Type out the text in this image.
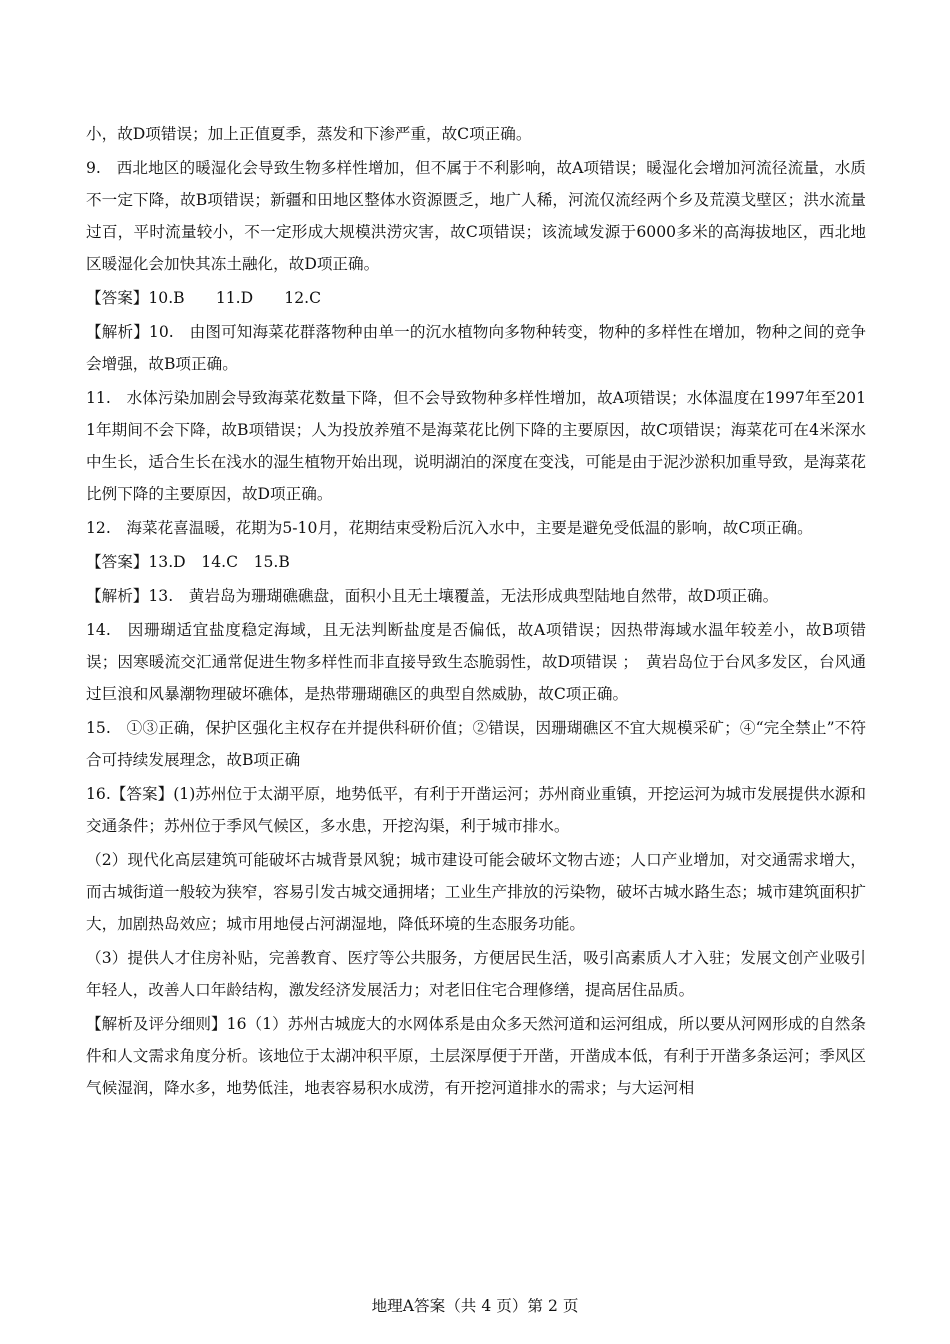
小，故D项错误；加上正值夏季，蒸发和下渗严重，故C项正确。

9.　西北地区的暖湿化会导致生物多样性增加，但不属于不利影响，故A项错误；暖湿化会增加河流径流量，水质不一定下降，故B项错误；新疆和田地区整体水资源匮乏，地广人稀，河流仅流经两个乡及荒漠戈壁区；洪水流量过百，平时流量较小，不一定形成大规模洪涝灾害，故C项错误；该流域发源于6000多米的高海拔地区，西北地区暖湿化会加快其冻土融化，故D项正确。

【答案】10.B　　11.D　　12.C

【解析】10.　由图可知海菜花群落物种由单一的沉水植物向多物种转变，物种的多样性在增加，物种之间的竞争会增强，故B项正确。

11.　水体污染加剧会导致海菜花数量下降，但不会导致物种多样性增加，故A项错误；水体温度在1997年至2011年期间不会下降，故B项错误；人为投放养殖不是海菜花比例下降的主要原因，故C项错误；海菜花可在4米深水中生长，适合生长在浅水的湿生植物开始出现，说明湖泊的深度在变浅，可能是由于泥沙淤积加重导致，是海菜花比例下降的主要原因，故D项正确。

12.　海菜花喜温暖，花期为5-10月，花期结束受粉后沉入水中，主要是避免受低温的影响，故C项正确。

【答案】13.D　14.C　15.B

【解析】13.　黄岩岛为珊瑚礁礁盘，面积小且无土壤覆盖，无法形成典型陆地自然带，故D项正确。

14.　因珊瑚适宜盐度稳定海域，且无法判断盐度是否偏低，故A项错误；因热带海域水温年较差小，故B项错误；因寒暖流交汇通常促进生物多样性而非直接导致生态脆弱性，故D项错误 ；　黄岩岛位于台风多发区，台风通过巨浪和风暴潮物理破坏礁体，是热带珊瑚礁区的典型自然威胁，故C项正确。

15.　①③正确，保护区强化主权存在并提供科研价值；②错误，因珊瑚礁区不宜大规模采矿；④“完全禁止”不符合可持续发展理念，故B项正确

16.【答案】(1)苏州位于太湖平原，地势低平，有利于开凿运河；苏州商业重镇，开挖运河为城市发展提供水源和交通条件；苏州位于季风气候区，多水患，开挖沟渠，利于城市排水。

（2）现代化高层建筑可能破坏古城背景风貌；城市建设可能会破坏文物古迹；人口产业增加，对交通需求增大，而古城街道一般较为狭窄，容易引发古城交通拥堵；工业生产排放的污染物，破坏古城水路生态；城市建筑面积扩大，加剧热岛效应；城市用地侵占河湖湿地，降低环境的生态服务功能。

（3）提供人才住房补贴，完善教育、医疗等公共服务，方便居民生活，吸引高素质人才入驻；发展文创产业吸引年轻人，改善人口年龄结构，激发经济发展活力；对老旧住宅合理修缮，提高居住品质。

【解析及评分细则】16（1）苏州古城庞大的水网体系是由众多天然河道和运河组成，所以要从河网形成的自然条件和人文需求角度分析。该地位于太湖冲积平原，土层深厚便于开凿，开凿成本低，有利于开凿多条运河；季风区气候湿润，降水多，地势低洼，地表容易积水成涝，有开挖河道排水的需求；与大运河相

地理A答案（共 4 页）第 2 页
